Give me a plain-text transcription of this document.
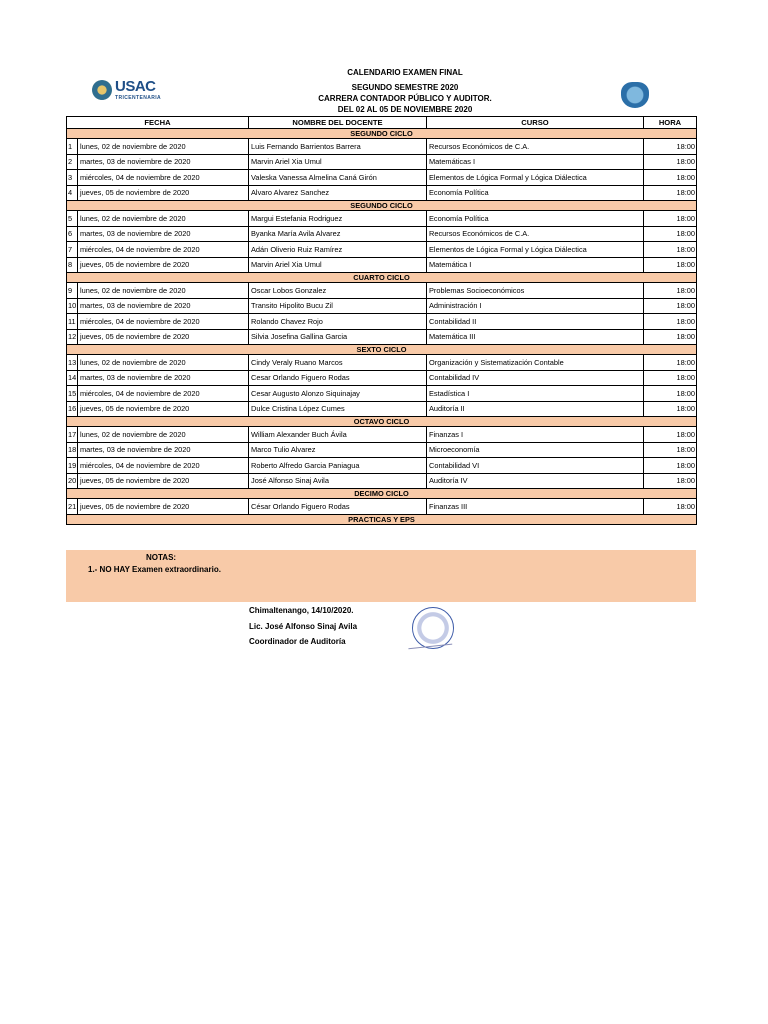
CALENDARIO EXAMEN FINAL
SEGUNDO SEMESTRE 2020
CARRERA CONTADOR PÚBLICO Y AUDITOR.
DEL 02 AL 05 DE NOVIEMBRE 2020
USAC
TRICENTENARIA
FECHA		NOMBRE DEL DOCENTE	CURSO	HORA
SEGUNDO CICLO				
1	lunes, 02 de noviembre de 2020	Luis Fernando Barrientos Barrera	Recursos Económicos de C.A.	18:00
2	martes, 03 de noviembre de 2020	Marvin Ariel Xia Umul	Matemáticas I	18:00
3	miércoles, 04 de noviembre de 2020	Valeska Vanessa Almelina Caná Girón	Elementos de Lógica Formal y Lógica Diálectica	18:00
4	jueves, 05 de noviembre de 2020	Alvaro Alvarez Sanchez	Economía Política	18:00
SEGUNDO CICLO				
5	lunes, 02 de noviembre de 2020	Margui Estefania Rodriguez	Economía Política	18:00
6	martes, 03 de noviembre de 2020	Byanka María Avila Alvarez	Recursos Económicos de C.A.	18:00
7	miércoles, 04 de noviembre de 2020	Adán Oliverio Ruiz Ramírez	Elementos de Lógica Formal y Lógica Diálectica	18:00
8	jueves, 05 de noviembre de 2020	Marvin Ariel Xia Umul	Matemática I	18:00
CUARTO CICLO				
9	lunes, 02 de noviembre de 2020	Oscar Lobos Gonzalez	Problemas Socioeconómicos	18:00
10	martes, 03 de noviembre de 2020	Transito Hipolito Bucu Zil	Administración I	18:00
11	miércoles, 04 de noviembre de 2020	Rolando Chavez Rojo	Contabilidad II	18:00
12	jueves, 05 de noviembre de 2020	Silvia Josefina Gallina Garcia	Matemática III	18:00
SEXTO CICLO				
13	lunes, 02 de noviembre de 2020	Cindy Veraly Ruano Marcos	Organización y Sistematización Contable	18:00
14	martes, 03 de noviembre de 2020	Cesar Orlando Figuero Rodas	Contabilidad IV	18:00
15	miércoles, 04 de noviembre de 2020	Cesar Augusto Alonzo Siquinajay	Estadística I	18:00
16	jueves, 05 de noviembre de 2020	Dulce Cristina López Cumes	Auditoría II	18:00
OCTAVO CICLO				
17	lunes, 02 de noviembre de 2020	William Alexander Buch Ávila	Finanzas I	18:00
18	martes, 03 de noviembre de 2020	Marco Tulio Alvarez	Microeconomía	18:00
19	miércoles, 04 de noviembre de 2020	Roberto Alfredo Garcia Paniagua	Contabilidad VI	18:00
20	jueves, 05 de noviembre de 2020	José Alfonso Sinaj Avila	Auditoría IV	18:00
DECIMO CICLO				
21	jueves, 05 de noviembre de 2020	César Orlando Figuero Rodas	Finanzas III	18:00
PRACTICAS Y EPS				
NOTAS:
1.- NO HAY Examen extraordinario.
Chimaltenango, 14/10/2020.
Lic. José Alfonso Sinaj Avila
Coordinador de Auditoría
